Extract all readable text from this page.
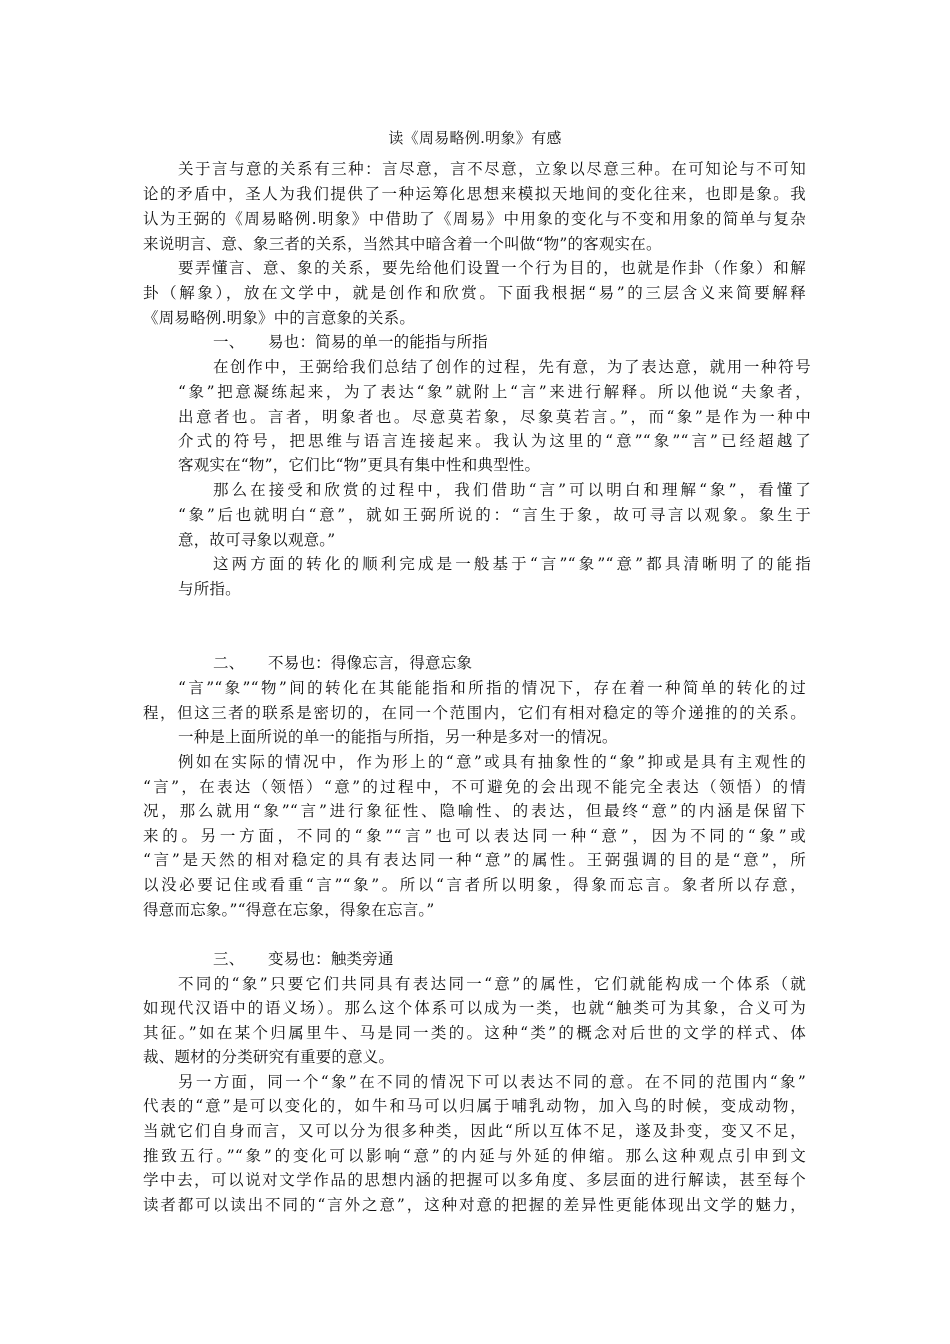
读《周易略例.明象》有感
关于言与意的关系有三种：言尽意，言不尽意，立象以尽意三种。在可知论与不可知
论的矛盾中，圣人为我们提供了一种运筹化思想来模拟天地间的变化往来，也即是象。我
认为王弼的《周易略例.明象》中借助了《周易》中用象的变化与不变和用象的简单与复杂
来说明言、意、象三者的关系，当然其中暗含着一个叫做“物”的客观实在。
要弄懂言、意、象的关系，要先给他们设置一个行为目的，也就是作卦（作象）和解
卦（解象），放在文学中，就是创作和欣赏。下面我根据“易”的三层含义来简要解释
《周易略例.明象》中的言意象的关系。
一、　　易也：简易的单一的能指与所指
在创作中，王弼给我们总结了创作的过程，先有意，为了表达意，就用一种符号
“象”把意凝练起来，为了表达“象”就附上“言”来进行解释。所以他说“夫象者，
出意者也。言者，明象者也。尽意莫若象，尽象莫若言。”，而“象”是作为一种中
介式的符号，把思维与语言连接起来。我认为这里的“意”“象”“言”已经超越了
客观实在“物”，它们比“物”更具有集中性和典型性。
那么在接受和欣赏的过程中，我们借助“言”可以明白和理解“象”，看懂了
“象”后也就明白“意”，就如王弼所说的：“言生于象，故可寻言以观象。象生于
意，故可寻象以观意。”
这两方面的转化的顺利完成是一般基于“言”“象”“意”都具清晰明了的能指
与所指。
二、　　不易也：得像忘言，得意忘象
“言”“象”“物”间的转化在其能能指和所指的情况下，存在着一种简单的转化的过
程，但这三者的联系是密切的，在同一个范围内，它们有相对稳定的等介递推的的关系。
一种是上面所说的单一的能指与所指，另一种是多对一的情况。
例如在实际的情况中，作为形上的“意”或具有抽象性的“象”抑或是具有主观性的
“言”，在表达（领悟）“意”的过程中，不可避免的会出现不能完全表达（领悟）的情
况，那么就用“象”“言”进行象征性、隐喻性、的表达，但最终“意”的内涵是保留下
来的。另一方面，不同的“象”“言”也可以表达同一种“意”，因为不同的“象”或
“言”是天然的相对稳定的具有表达同一种“意”的属性。王弼强调的目的是“意”，所
以没必要记住或看重“言”“象”。所以“言者所以明象，得象而忘言。象者所以存意，
得意而忘象。”“得意在忘象，得象在忘言。”
三、　　变易也：触类旁通
不同的“象”只要它们共同具有表达同一“意”的属性，它们就能构成一个体系（就
如现代汉语中的语义场）。那么这个体系可以成为一类，也就“触类可为其象，合义可为
其征。”如在某个归属里牛、马是同一类的。这种“类”的概念对后世的文学的样式、体
裁、题材的分类研究有重要的意义。
另一方面，同一个“象”在不同的情况下可以表达不同的意。在不同的范围内“象”
代表的“意”是可以变化的，如牛和马可以归属于哺乳动物，加入鸟的时候，变成动物，
当就它们自身而言，又可以分为很多种类，因此“所以互体不足，遂及卦变，变又不足，
推致五行。”“象”的变化可以影响“意”的内延与外延的伸缩。那么这种观点引申到文
学中去，可以说对文学作品的思想内涵的把握可以多角度、多层面的进行解读，甚至每个
读者都可以读出不同的“言外之意”，这种对意的把握的差异性更能体现出文学的魅力，
